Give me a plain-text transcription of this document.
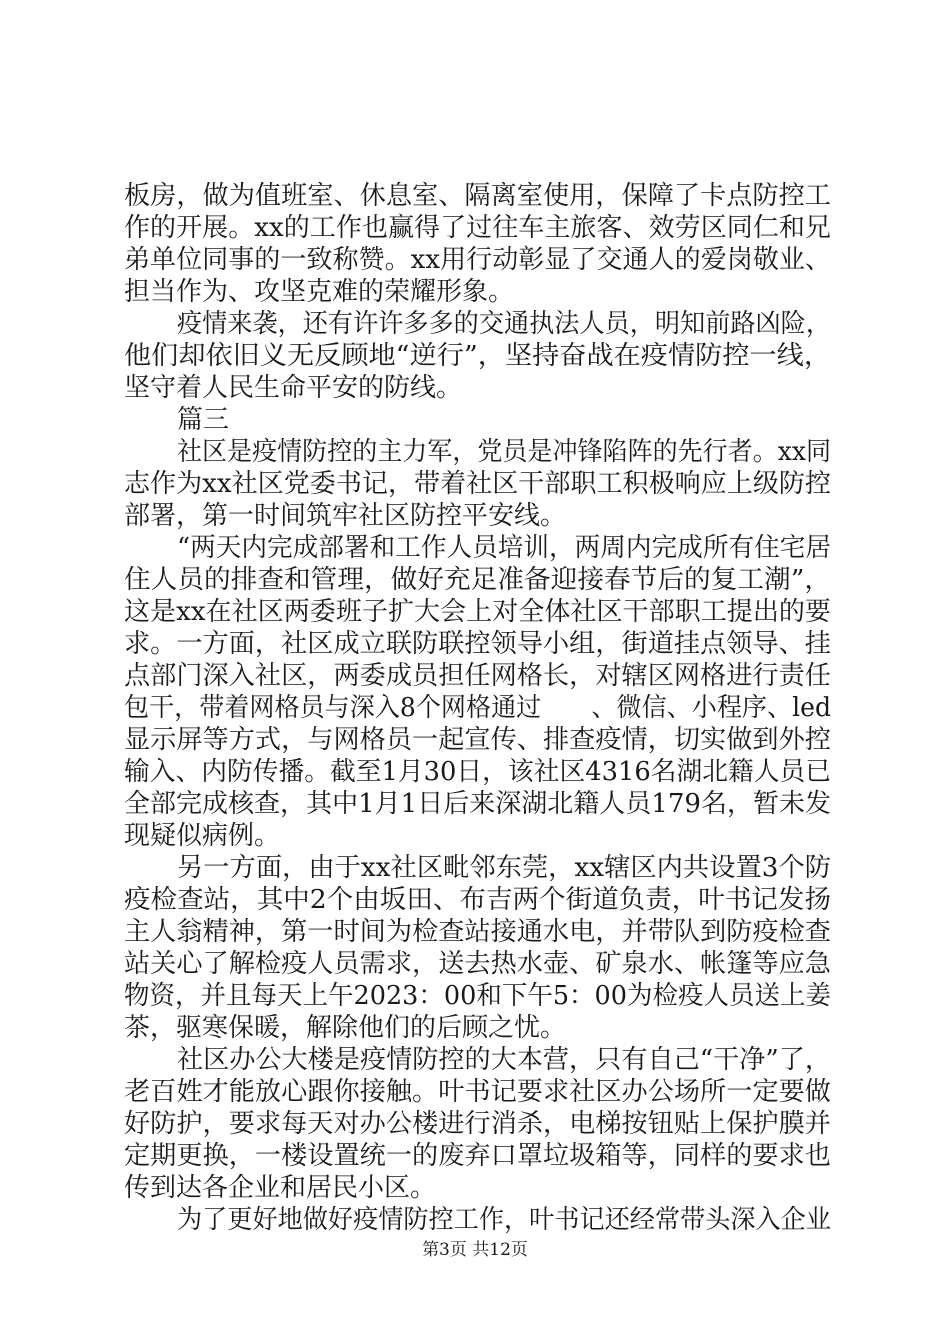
板房，做为值班室、休息室、隔离室使用，保障了卡点防控工
作的开展。xx的工作也赢得了过往车主旅客、效劳区同仁和兄
弟单位同事的一致称赞。xx用行动彰显了交通人的爱岗敬业、
担当作为、攻坚克难的荣耀形象。
疫情来袭，还有许许多多的交通执法人员，明知前路凶险，
他们却依旧义无反顾地“逆行”，坚持奋战在疫情防控一线，
坚守着人民生命平安的防线。
篇三
社区是疫情防控的主力军，党员是冲锋陷阵的先行者。xx同
志作为xx社区党委书记，带着社区干部职工积极响应上级防控
部署，第一时间筑牢社区防控平安线。
“两天内完成部署和工作人员培训，两周内完成所有住宅居
住人员的排查和管理，做好充足准备迎接春节后的复工潮”，
这是xx在社区两委班子扩大会上对全体社区干部职工提出的要
求。一方面，社区成立联防联控领导小组，街道挂点领导、挂
点部门深入社区，两委成员担任网格长，对辖区网格进行责任
包干，带着网格员与深入8个网格通过　　、微信、小程序、led
显示屏等方式，与网格员一起宣传、排查疫情，切实做到外控
输入、内防传播。截至1月30日，该社区4316名湖北籍人员已
全部完成核查，其中1月1日后来深湖北籍人员179名，暂未发
现疑似病例。
另一方面，由于xx社区毗邻东莞，xx辖区内共设置3个防
疫检查站，其中2个由坂田、布吉两个街道负责，叶书记发扬
主人翁精神，第一时间为检查站接通水电，并带队到防疫检查
站关心了解检疫人员需求，送去热水壶、矿泉水、帐篷等应急
物资，并且每天上午2023：00和下午5：00为检疫人员送上姜
茶，驱寒保暖，解除他们的后顾之忧。
社区办公大楼是疫情防控的大本营，只有自己“干净”了，
老百姓才能放心跟你接触。叶书记要求社区办公场所一定要做
好防护，要求每天对办公楼进行消杀，电梯按钮贴上保护膜并
定期更换，一楼设置统一的废弃口罩垃圾箱等，同样的要求也
传到达各企业和居民小区。
为了更好地做好疫情防控工作，叶书记还经常带头深入企业
第3页 共12页
